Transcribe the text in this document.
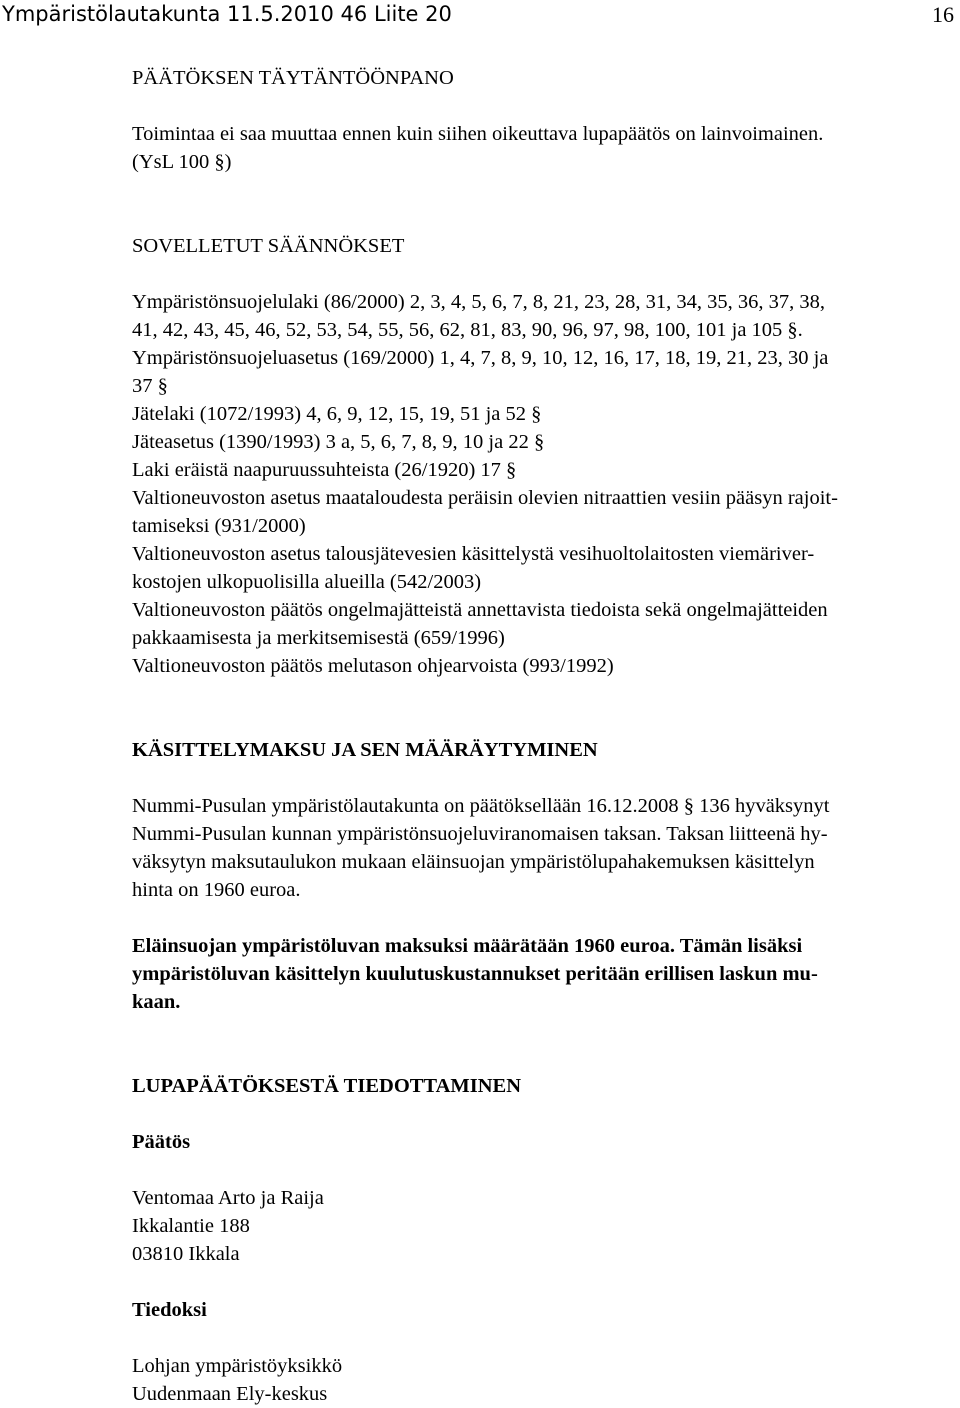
Ympäristölautakunta 11.5.2010 46 Liite 20	16

PÄÄTÖKSEN TÄYTÄNTÖÖNPANO

Toimintaa ei saa muuttaa ennen kuin siihen oikeuttava lupapäätös on lainvoimainen.

(YsL 100 §)

SOVELLETUT SÄÄNNÖKSET

Ympäristönsuojelulaki (86/2000) 2, 3, 4, 5, 6, 7, 8, 21, 23, 28, 31, 34, 35, 36, 37, 38,

41, 42, 43, 45, 46, 52, 53, 54, 55, 56, 62, 81, 83, 90, 96, 97, 98, 100, 101 ja 105 §.

Ympäristönsuojeluasetus (169/2000) 1, 4, 7, 8, 9, 10, 12, 16, 17, 18, 19, 21, 23, 30 ja

37 §

Jätelaki (1072/1993) 4, 6, 9, 12, 15, 19, 51 ja 52 §

Jäteasetus (1390/1993) 3 a, 5, 6, 7, 8, 9, 10 ja 22 §

Laki eräistä naapuruussuhteista (26/1920) 17 §

Valtioneuvoston asetus maataloudesta peräisin olevien nitraattien vesiin pääsyn rajoit-

tamiseksi (931/2000)

Valtioneuvoston asetus talousjätevesien käsittelystä vesihuoltolaitosten viemäriver-

kostojen ulkopuolisilla alueilla (542/2003)

Valtioneuvoston päätös ongelmajätteistä annettavista tiedoista sekä ongelmajätteiden

pakkaamisesta ja merkitsemisestä (659/1996)

Valtioneuvoston päätös melutason ohjearvoista (993/1992)

KÄSITTELYMAKSU JA SEN MÄÄRÄYTYMINEN

Nummi-Pusulan ympäristölautakunta on päätöksellään 16.12.2008 § 136 hyväksynyt

Nummi-Pusulan kunnan ympäristönsuojeluviranomaisen taksan. Taksan liitteenä hy-

väksytyn maksutaulukon mukaan eläinsuojan ympäristölupahakemuksen käsittelyn

hinta on 1960 euroa.

Eläinsuojan ympäristöluvan maksuksi määrätään 1960 euroa. Tämän lisäksi

ympäristöluvan käsittelyn kuulutuskustannukset peritään erillisen laskun mu-

kaan.

LUPAPÄÄTÖKSESTÄ TIEDOTTAMINEN

Päätös

Ventomaa Arto ja Raija

Ikkalantie 188

03810 Ikkala

Tiedoksi

Lohjan ympäristöyksikkö

Uudenmaan Ely-keskus
